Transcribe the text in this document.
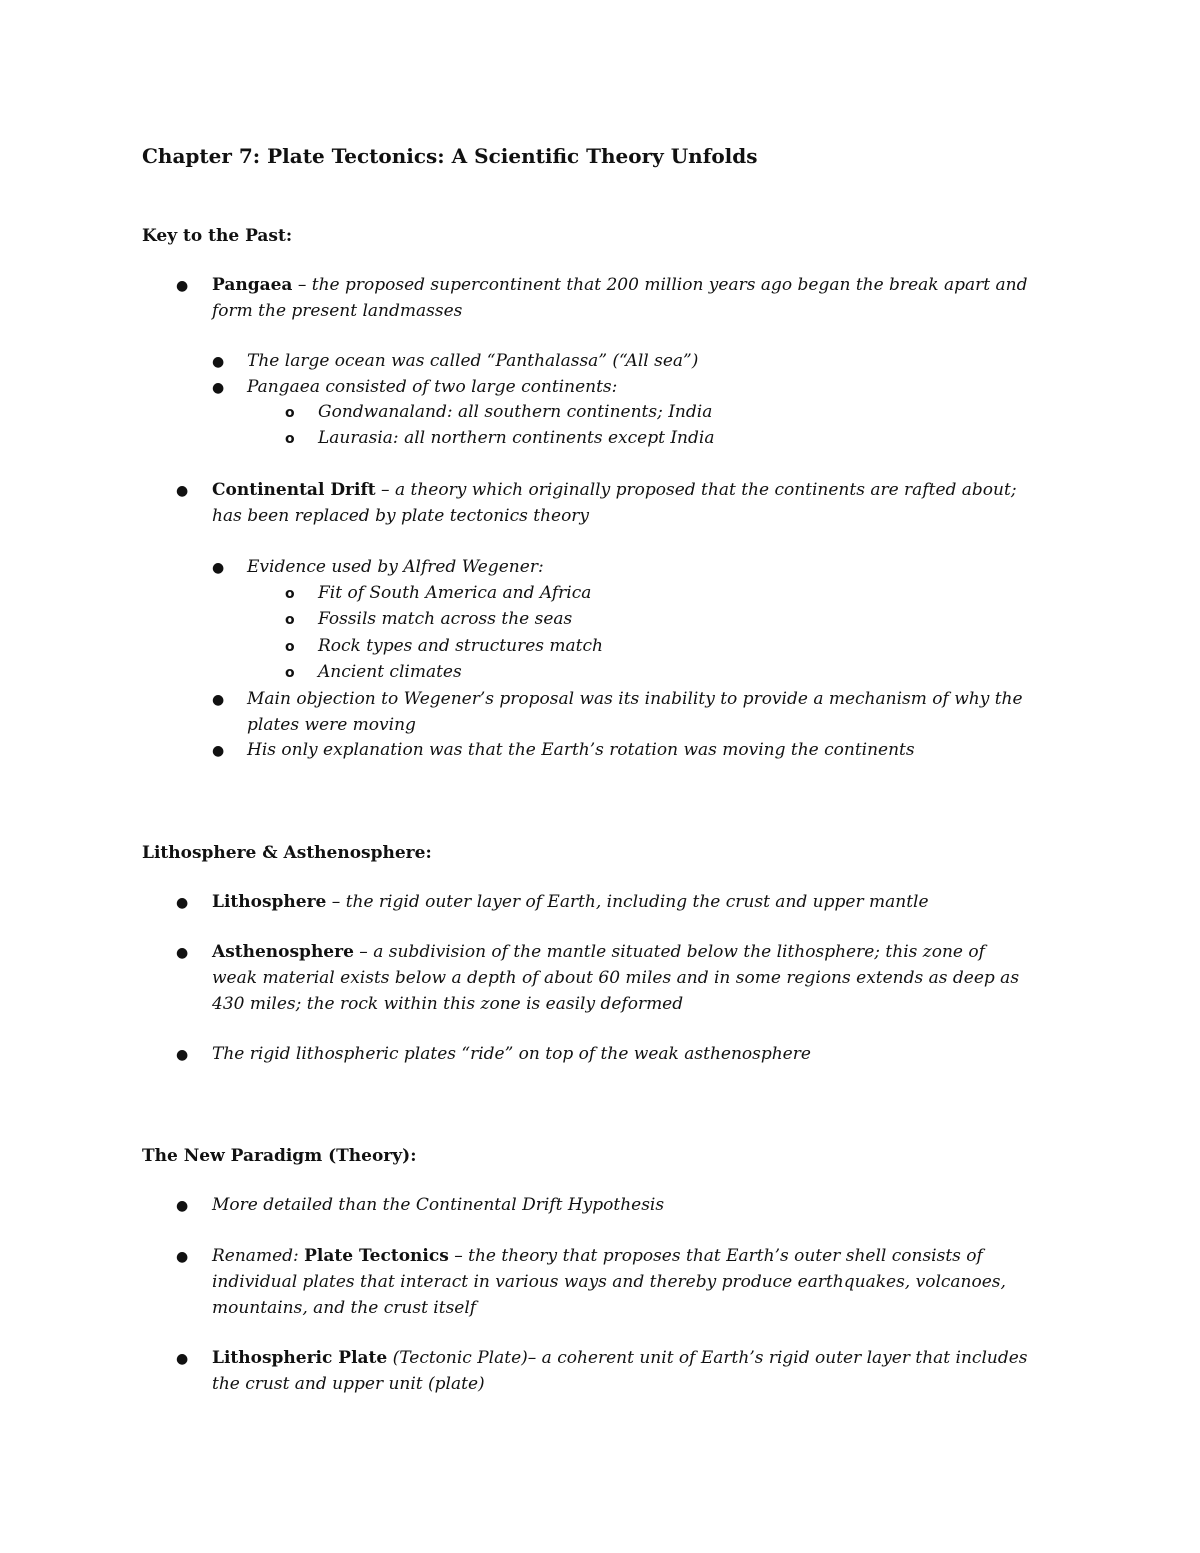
Chapter 7: Plate Tectonics: A Scientific Theory Unfolds
Key to the Past:
● Pangaea – the proposed supercontinent that 200 million years ago began the break apart and
form the present landmasses
● The large ocean was called “Panthalassa” (“All sea”)
● Pangaea consisted of two large continents:
o Gondwanaland: all southern continents; India
o Laurasia: all northern continents except India
● Continental Drift – a theory which originally proposed that the continents are rafted about;
has been replaced by plate tectonics theory
● Evidence used by Alfred Wegener:
o Fit of South America and Africa
o Fossils match across the seas
o Rock types and structures match
o Ancient climates
● Main objection to Wegener’s proposal was its inability to provide a mechanism of why the
plates were moving
● His only explanation was that the Earth’s rotation was moving the continents
Lithosphere & Asthenosphere:
● Lithosphere – the rigid outer layer of Earth, including the crust and upper mantle
● Asthenosphere – a subdivision of the mantle situated below the lithosphere; this zone of
weak material exists below a depth of about 60 miles and in some regions extends as deep as
430 miles; the rock within this zone is easily deformed
● The rigid lithospheric plates “ride” on top of the weak asthenosphere
The New Paradigm (Theory):
● More detailed than the Continental Drift Hypothesis
● Renamed: Plate Tectonics – the theory that proposes that Earth’s outer shell consists of
individual plates that interact in various ways and thereby produce earthquakes, volcanoes,
mountains, and the crust itself
● Lithospheric Plate (Tectonic Plate)– a coherent unit of Earth’s rigid outer layer that includes
the crust and upper unit (plate)
